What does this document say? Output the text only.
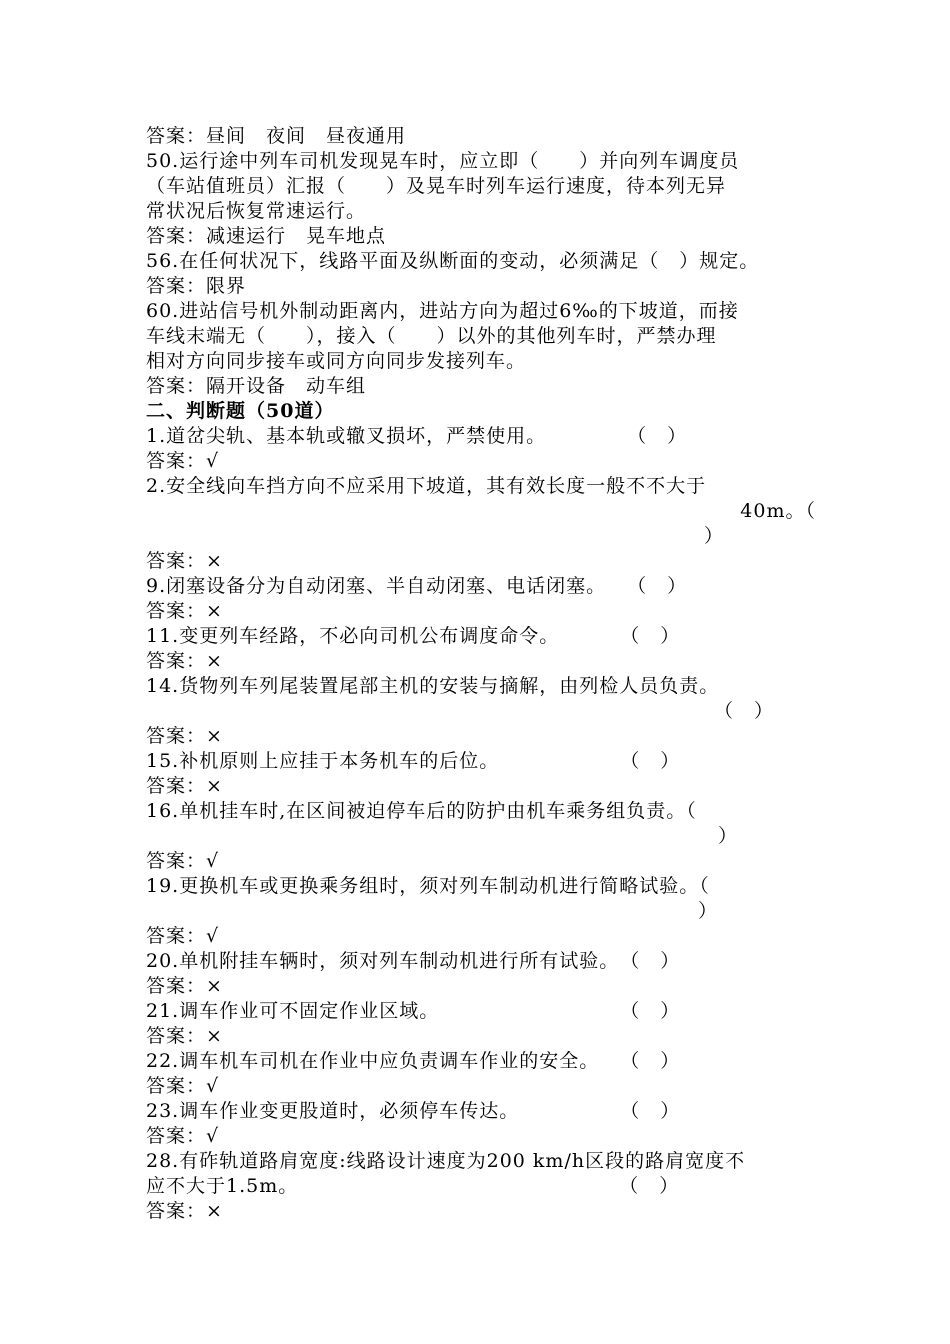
答案：昼间　夜间　昼夜通用
50.运行途中列车司机发现晃车时，应立即（　　）并向列车调度员
（车站值班员）汇报（　　）及晃车时列车运行速度，待本列无异
常状况后恢复常速运行。
答案：减速运行　晃车地点
56.在任何状况下，线路平面及纵断面的变动，必须满足（　）规定。
答案：限界
60.进站信号机外制动距离内，进站方向为超过6‰的下坡道，而接
车线末端无（　　），接入（　　）以外的其他列车时，严禁办理
相对方向同步接车或同方向同步发接列车。
答案：隔开设备　动车组
二、判断题（50道）
1.道岔尖轨、基本轨或辙叉损坏，严禁使用。　　　　　（　）
答案：√
2.安全线向车挡方向不应采用下坡道，其有效长度一般不不大于
40m。（
）
答案：×
9.闭塞设备分为自动闭塞、半自动闭塞、电话闭塞。　　（　）
答案：×
11.变更列车经路，不必向司机公布调度命令。　　　　（　）
答案：×
14.货物列车列尾装置尾部主机的安装与摘解，由列检人员负责。
（　）
答案：×
15.补机原则上应挂于本务机车的后位。　　　　　　　（　）
答案：×
16.单机挂车时,在区间被迫停车后的防护由机车乘务组负责。（
）
答案：√
19.更换机车或更换乘务组时，须对列车制动机进行简略试验。（
）
答案：√
20.单机附挂车辆时，须对列车制动机进行所有试验。　（　）
答案：×
21.调车作业可不固定作业区域。　　　　　　　　　　（　）
答案：×
22.调车机车司机在作业中应负责调车作业的安全。　　（　）
答案：√
23.调车作业变更股道时，必须停车传达。　　　　　　（　）
答案：√
28.有砟轨道路肩宽度:线路设计速度为200 km/h区段的路肩宽度不
应不大于1.5m。　　　　　　　　　　　　　　　　　（　）
答案：×
